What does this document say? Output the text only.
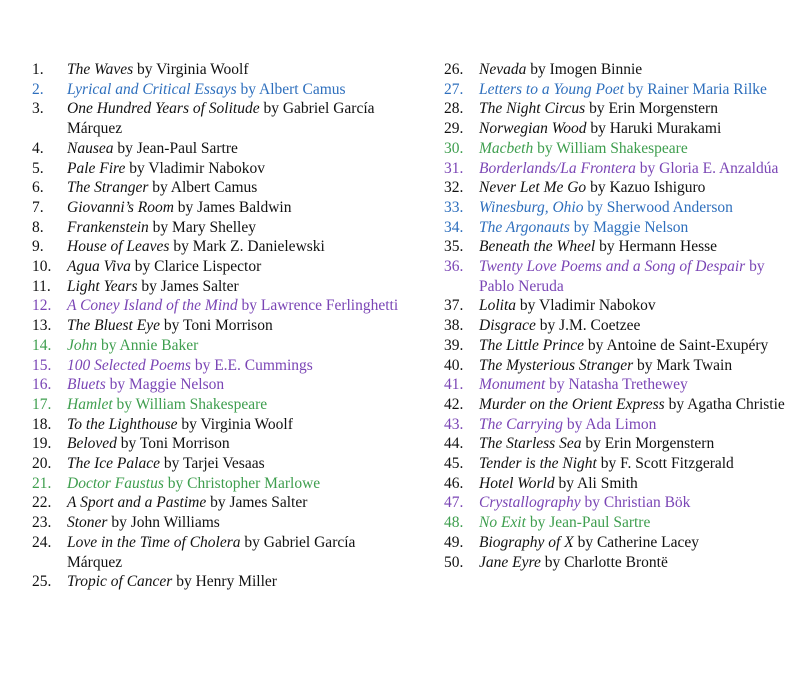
1.	The Waves by Virginia Woolf
2.	Lyrical and Critical Essays by Albert Camus
3.	One Hundred Years of Solitude by Gabriel García Márquez
4.	Nausea by Jean-Paul Sartre
5.	Pale Fire by Vladimir Nabokov
6.	The Stranger by Albert Camus
7.	Giovanni’s Room by James Baldwin
8.	Frankenstein by Mary Shelley
9.	House of Leaves by Mark Z. Danielewski
10.	Agua Viva by Clarice Lispector
11.	Light Years by James Salter
12.	A Coney Island of the Mind by Lawrence Ferlinghetti
13.	The Bluest Eye by Toni Morrison
14.	John by Annie Baker
15.	100 Selected Poems by E.E. Cummings
16.	Bluets by Maggie Nelson
17.	Hamlet by William Shakespeare
18.	To the Lighthouse by Virginia Woolf
19.	Beloved by Toni Morrison
20.	The Ice Palace by Tarjei Vesaas
21.	Doctor Faustus by Christopher Marlowe
22.	A Sport and a Pastime by James Salter
23.	Stoner by John Williams
24.	Love in the Time of Cholera by Gabriel García Márquez
25.	Tropic of Cancer by Henry Miller
26.	Nevada by Imogen Binnie
27.	Letters to a Young Poet by Rainer Maria Rilke
28.	The Night Circus by Erin Morgenstern
29.	Norwegian Wood by Haruki Murakami
30.	Macbeth by William Shakespeare
31.	Borderlands/La Frontera by Gloria E. Anzaldúa
32.	Never Let Me Go by Kazuo Ishiguro
33.	Winesburg, Ohio by Sherwood Anderson
34.	The Argonauts by Maggie Nelson
35.	Beneath the Wheel by Hermann Hesse
36.	Twenty Love Poems and a Song of Despair by Pablo Neruda
37.	Lolita by Vladimir Nabokov
38.	Disgrace by J.M. Coetzee
39.	The Little Prince by Antoine de Saint-Exupéry
40.	The Mysterious Stranger by Mark Twain
41.	Monument by Natasha Trethewey
42.	Murder on the Orient Express by Agatha Christie
43.	The Carrying by Ada Limon
44.	The Starless Sea by Erin Morgenstern
45.	Tender is the Night by F. Scott Fitzgerald
46.	Hotel World by Ali Smith
47.	Crystallography by Christian Bök
48.	No Exit by Jean-Paul Sartre
49.	Biography of X by Catherine Lacey
50.	Jane Eyre by Charlotte Brontë
